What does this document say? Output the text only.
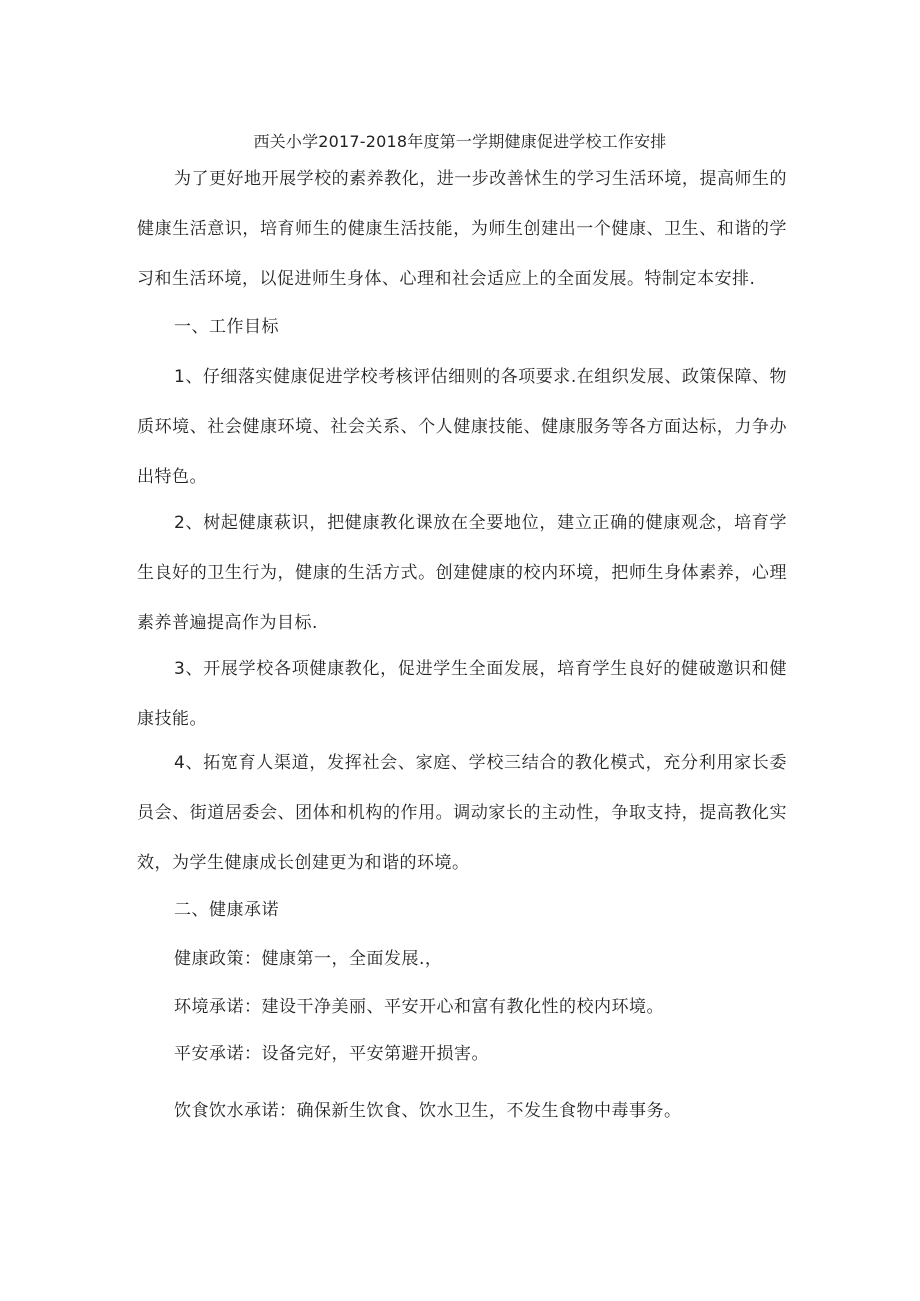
西关小学2017-2018年度第一学期健康促进学校工作安排

为了更好地开展学校的素养教化，进一步改善怵生的学习生活环境，提高师生的健康生活意识，培育师生的健康生活技能，为师生创建出一个健康、卫生、和谐的学习和生活环境，以促进师生身体、心理和社会适应上的全面发展。特制定本安排.

一、工作目标

1、仔细落实健康促进学校考核评估细则的各项要求.在组织发展、政策保障、物质环境、社会健康环境、社会关系、个人健康技能、健康服务等各方面达标，力争办出特色。

2、树起健康萩识，把健康教化课放在全要地位，建立正确的健康观念，培育学生良好的卫生行为，健康的生活方式。创建健康的校内环境，把师生身体素养，心理素养普遍提高作为目标.

3、开展学校各项健康教化，促进学生全面发展，培育学生良好的健破邀识和健康技能。

4、拓宽育人渠道，发挥社会、家庭、学校三结合的教化模式，充分利用家长委员会、街道居委会、团体和机构的作用。调动家长的主动性，争取支持，提高教化实效，为学生健康成长创建更为和谐的环境。

二、健康承诺

健康政策：健康第一，全面发展.，

环境承诺：建设干净美丽、平安开心和富有教化性的校内环境。

平安承诺：设备完好，平安第避开损害。

饮食饮水承诺：确保新生饮食、饮水卫生，不发生食物中毒事务。
